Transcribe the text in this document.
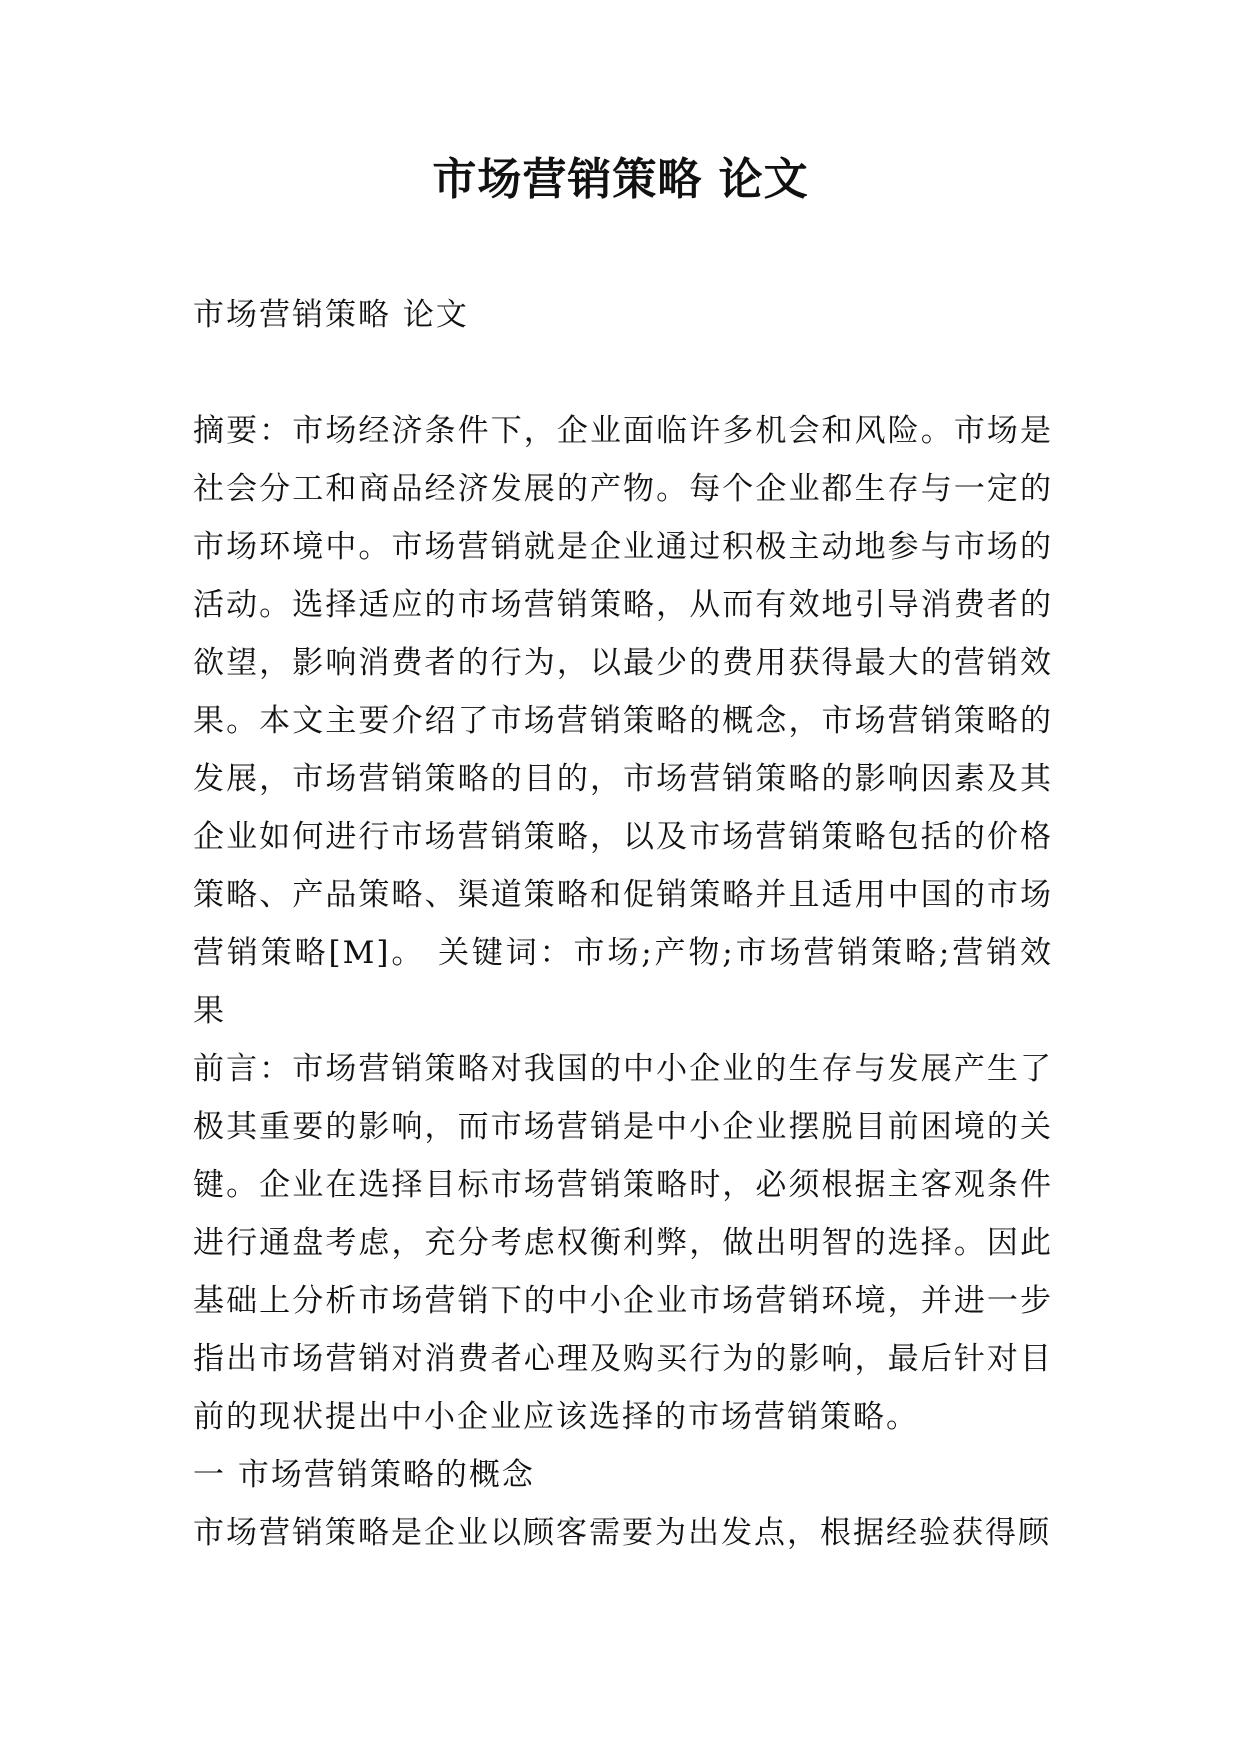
市场营销策略 论文

市场营销策略 论文

摘要：市场经济条件下，企业面临许多机会和风险。市场是社会分工和商品经济发展的产物。每个企业都生存与一定的市场环境中。市场营销就是企业通过积极主动地参与市场的活动。选择适应的市场营销策略，从而有效地引导消费者的欲望，影响消费者的行为，以最少的费用获得最大的营销效果。本文主要介绍了市场营销策略的概念，市场营销策略的发展，市场营销策略的目的，市场营销策略的影响因素及其企业如何进行市场营销策略，以及市场营销策略包括的价格策略、产品策略、渠道策略和促销策略并且适用中国的市场营销策略[M]。 关键词：市场;产物;市场营销策略;营销效果

前言：市场营销策略对我国的中小企业的生存与发展产生了极其重要的影响，而市场营销是中小企业摆脱目前困境的关键。企业在选择目标市场营销策略时，必须根据主客观条件进行通盘考虑，充分考虑权衡利弊，做出明智的选择。因此基础上分析市场营销下的中小企业市场营销环境，并进一步指出市场营销对消费者心理及购买行为的影响，最后针对目前的现状提出中小企业应该选择的市场营销策略。

一 市场营销策略的概念

市场营销策略是企业以顾客需要为出发点，根据经验获得顾
